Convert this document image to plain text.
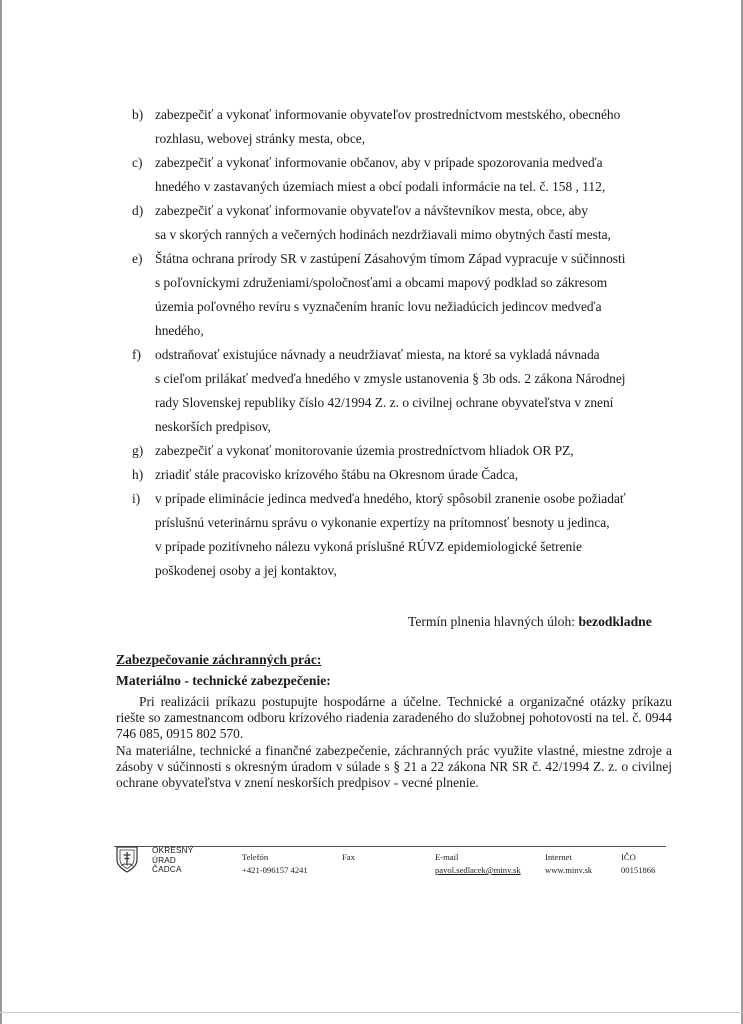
b) zabezpečiť a vykonať informovanie obyvateľov prostredníctvom mestského, obecného
rozhlasu, webovej stránky mesta, obce,
c) zabezpečiť a vykonať informovanie občanov, aby v prípade spozorovania medveďa
hnedého v zastavaných územiach miest a obcí podali informácie na tel. č. 158 , 112,
d) zabezpečiť a vykonať informovanie obyvateľov a návštevníkov mesta, obce, aby
sa v skorých ranných a večerných hodinách nezdržiavali mimo obytných častí mesta,
e) Štátna ochrana prírody SR v zastúpení Zásahovým tímom Západ vypracuje v súčinnosti
s poľovníckymi združeniami/spoločnosťami a obcami mapový podklad so zákresom
územia poľovného revíru s vyznačením hraníc lovu nežiadúcich jedincov medveďa
hnedého,
f) odstraňovať existujúce návnady a neudržiavať miesta, na ktoré sa vykladá návnada
s cieľom prilákať medveďa hnedého v zmysle ustanovenia § 3b ods. 2 zákona Národnej
rady Slovenskej republiky číslo 42/1994 Z. z. o civilnej ochrane obyvateľstva v znení
neskorších predpisov,
g) zabezpečiť a vykonať monitorovanie územia prostredníctvom hliadok OR PZ,
h) zriadiť stále pracovisko krízového štábu na Okresnom úrade Čadca,
i) v prípade eliminácie jedinca medveďa hnedého, ktorý spôsobil zranenie osobe požiadať
príslušnú veterinárnu správu o vykonanie expertízy na prítomnosť besnoty u jedinca,
v prípade pozitívneho nálezu vykoná príslušné RÚVZ epidemiologické šetrenie
poškodenej osoby a jej kontaktov,
Termín plnenia hlavných úloh: bezodkladne
Zabezpečovanie záchranných prác:
Materiálno - technické zabezpečenie:

Pri realizácii príkazu postupujte hospodárne a účelne. Technické a organizačné otázky príkazu riešte so zamestnancom odboru krízového riadenia zaradeného do služobnej pohotovosti na tel. č. 0944 746 085, 0915 802 570.

Na materiálne, technické a finančné zabezpečenie, záchranných prác využite vlastné, miestne zdroje a zásoby v súčinnosti s okresným úradom v súlade s § 21 a 22 zákona NR SR č. 42/1994 Z. z. o civilnej ochrane obyvateľstva v znení neskorších predpisov - vecné plnenie.

OKRESNÝ
ÚRAD
ČADCA
Telefón
+421-096157 4241
Fax	E-mail
pavol.sedlacek@minv.sk
Internet
www.minv.sk
IČO
00151866
